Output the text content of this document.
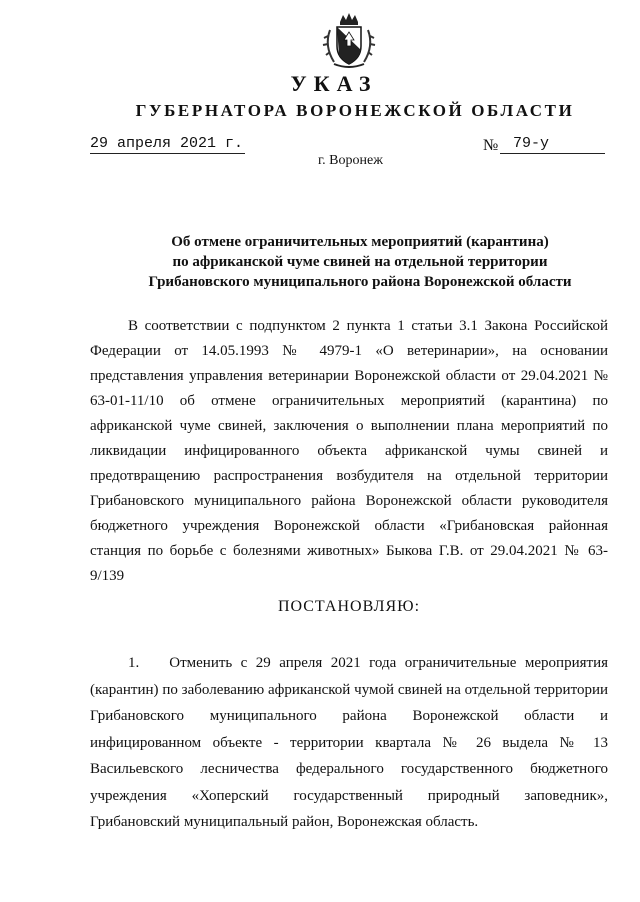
УКАЗ
ГУБЕРНАТОРА ВОРОНЕЖСКОЙ ОБЛАСТИ
29 апреля 2021 г.	№ 79-у
г. Воронеж
Об отмене ограничительных мероприятий (карантина)
по африканской чуме свиней на отдельной территории
Грибановского муниципального района Воронежской области

В соответствии с подпунктом 2 пункта 1 статьи 3.1 Закона Российской Федерации от 14.05.1993 № 4979-1 «О ветеринарии», на основании представления управления ветеринарии Воронежской области от 29.04.2021 № 63-01-11/10 об отмене ограничительных мероприятий (карантина) по африканской чуме свиней, заключения о выполнении плана мероприятий по ликвидации инфицированного объекта африканской чумы свиней и предотвращению распространения возбудителя на отдельной территории Грибановского муниципального района Воронежской области руководителя бюджетного учреждения Воронежской области «Грибановская районная станция по борьбе с болезнями животных» Быкова Г.В. от 29.04.2021 № 63-9/139

ПОСТАНОВЛЯЮ:

1. Отменить с 29 апреля 2021 года ограничительные мероприятия (карантин) по заболеванию африканской чумой свиней на отдельной территории Грибановского муниципального района Воронежской области и инфицированном объекте - территории квартала № 26 выдела № 13 Васильевского лесничества федерального государственного бюджетного учреждения «Хоперский государственный природный заповедник», Грибановский муниципальный район, Воронежская область.
